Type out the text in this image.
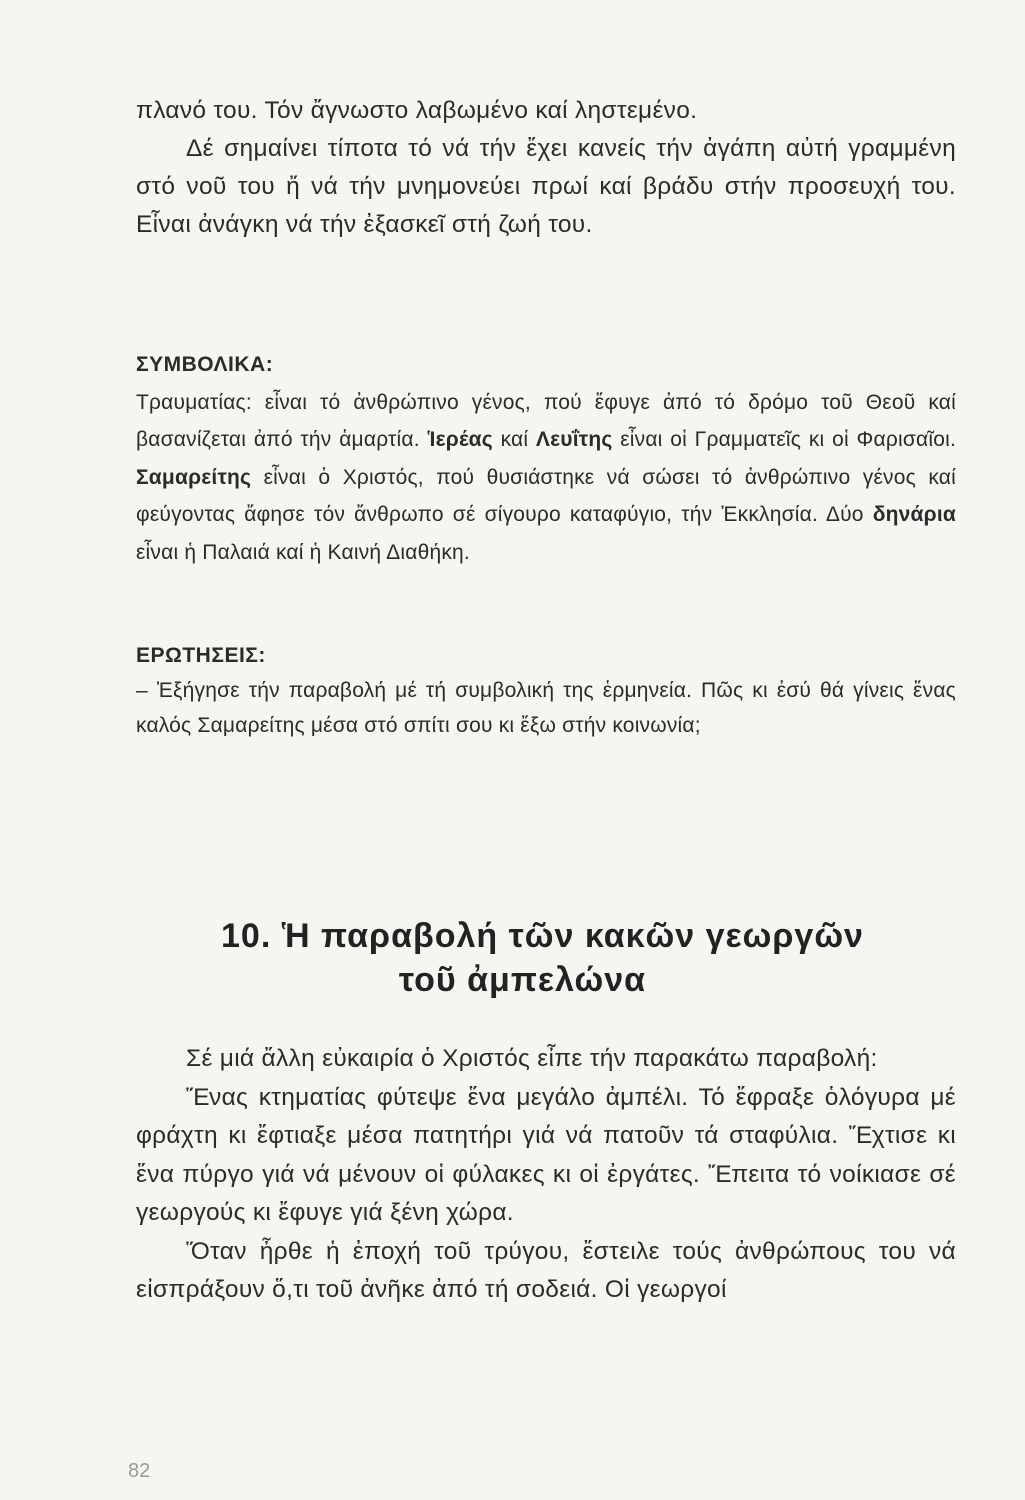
πλανό του. Τόν ἄγνωστο λαβωμένο καί ληστεμένο.

Δέ σημαίνει τίποτα τό νά τήν ἔχει κανείς τήν ἀγάπη αὐτή γραμμένη στό νοῦ του ἤ νά τήν μνημονεύει πρωί καί βράδυ στήν προσευχή του. Εἶναι ἀνάγκη νά τήν ἐξασκεῖ στή ζωή του.

ΣΥΜΒΟΛΙΚΑ:

Τραυματίας: εἶναι τό ἀνθρώπινο γένος, πού ἔφυγε ἀπό τό δρόμο τοῦ Θεοῦ καί βασανίζεται ἀπό τήν ἁμαρτία. Ἱερέας καί Λευΐτης εἶναι οἱ Γραμματεῖς κι οἱ Φαρισαῖοι. Σαμαρείτης εἶναι ὁ Χριστός, πού θυσιάστηκε νά σώσει τό ἀνθρώπινο γένος καί φεύγοντας ἄφησε τόν ἄνθρωπο σέ σίγουρο καταφύγιο, τήν Ἐκκλησία. Δύο δηνάρια εἶναι ἡ Παλαιά καί ἡ Καινή Διαθήκη.

ΕΡΩΤΗΣΕΙΣ:

– Ἐξήγησε τήν παραβολή μέ τή συμβολική της ἑρμηνεία. Πῶς κι ἐσύ θά γίνεις ἕνας καλός Σαμαρείτης μέσα στό σπίτι σου κι ἔξω στήν κοινωνία;

10. Ἡ παραβολή τῶν κακῶν γεωργῶν
τοῦ ἀμπελώνα

Σέ μιά ἄλλη εὐκαιρία ὁ Χριστός εἶπε τήν παρακάτω παραβολή:

Ἕνας κτηματίας φύτεψε ἕνα μεγάλο ἀμπέλι. Τό ἔφραξε ὁλόγυρα μέ φράχτη κι ἔφτιαξε μέσα πατητήρι γιά νά πατοῦν τά σταφύλια. Ἔχτισε κι ἕνα πύργο γιά νά μένουν οἱ φύλακες κι οἱ ἐργάτες. Ἔπειτα τό νοίκιασε σέ γεωργούς κι ἔφυγε γιά ξένη χώρα.

Ὅταν ἦρθε ἡ ἐποχή τοῦ τρύγου, ἔστειλε τούς ἀνθρώπους του νά εἰσπράξουν ὅ,τι τοῦ ἀνῆκε ἀπό τή σοδειά. Οἱ γεωργοί

82
